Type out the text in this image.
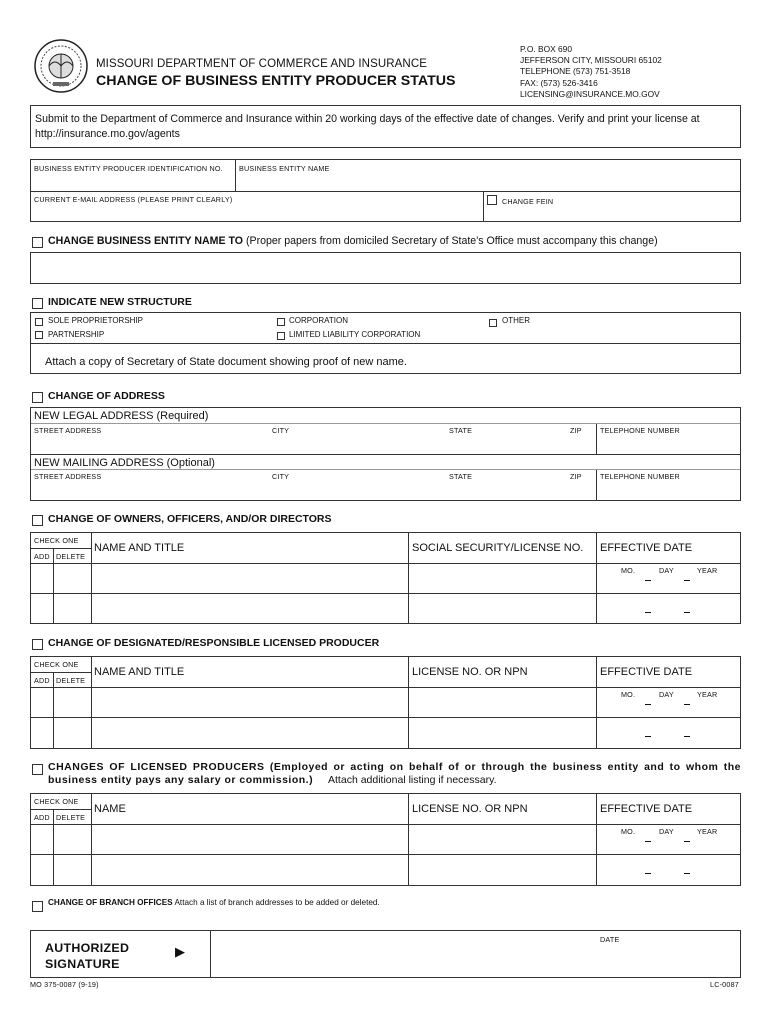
MISSOURI DEPARTMENT OF COMMERCE AND INSURANCE
CHANGE OF BUSINESS ENTITY PRODUCER STATUS
P.O. BOX 690
JEFFERSON CITY, MISSOURI 65102
TELEPHONE (573) 751-3518
FAX: (573) 526-3416
LICENSING@INSURANCE.MO.GOV
Submit to the Department of Commerce and Insurance within 20 working days of the effective date of changes. Verify and print your license at http://insurance.mo.gov/agents
BUSINESS ENTITY PRODUCER IDENTIFICATION NO. BUSINESS ENTITY NAME
CURRENT E-MAIL ADDRESS (PLEASE PRINT CLEARLY)	CHANGE FEIN
CHANGE BUSINESS ENTITY NAME TO (Proper papers from domiciled Secretary of State's Office must accompany this change)
INDICATE NEW STRUCTURE
SOLE PROPRIETORSHIP
PARTNERSHIP
CORPORATION
LIMITED LIABILITY CORPORATION
OTHER
Attach a copy of Secretary of State document showing proof of new name.
CHANGE OF ADDRESS
NEW LEGAL ADDRESS (Required)
STREET ADDRESS	CITY	STATE	ZIP	TELEPHONE NUMBER
NEW MAILING ADDRESS (Optional)
STREET ADDRESS	CITY	STATE	ZIP	TELEPHONE NUMBER
CHANGE OF OWNERS, OFFICERS, AND/OR DIRECTORS
CHECK ONE
ADD DELETE
NAME AND TITLE	SOCIAL SECURITY/LICENSE NO. EFFECTIVE DATE
MO.	DAY	YEAR
CHANGE OF DESIGNATED/RESPONSIBLE LICENSED PRODUCER
CHECK ONE
ADD DELETE
NAME AND TITLE	LICENSE NO. OR NPN	EFFECTIVE DATE
MO.	DAY	YEAR
CHANGES OF LICENSED PRODUCERS (Employed or acting on behalf of or through the business entity and to whom the business entity pays any salary or commission.) Attach additional listing if necessary.
CHECK ONE
ADD DELETE
NAME	LICENSE NO. OR NPN	EFFECTIVE DATE
MO.	DAY	YEAR
CHANGE OF BRANCH OFFICES Attach a list of branch addresses to be added or deleted.
AUTHORIZED SIGNATURE
▶
DATE
MO 375-0087 (9-19)	LC-0087
